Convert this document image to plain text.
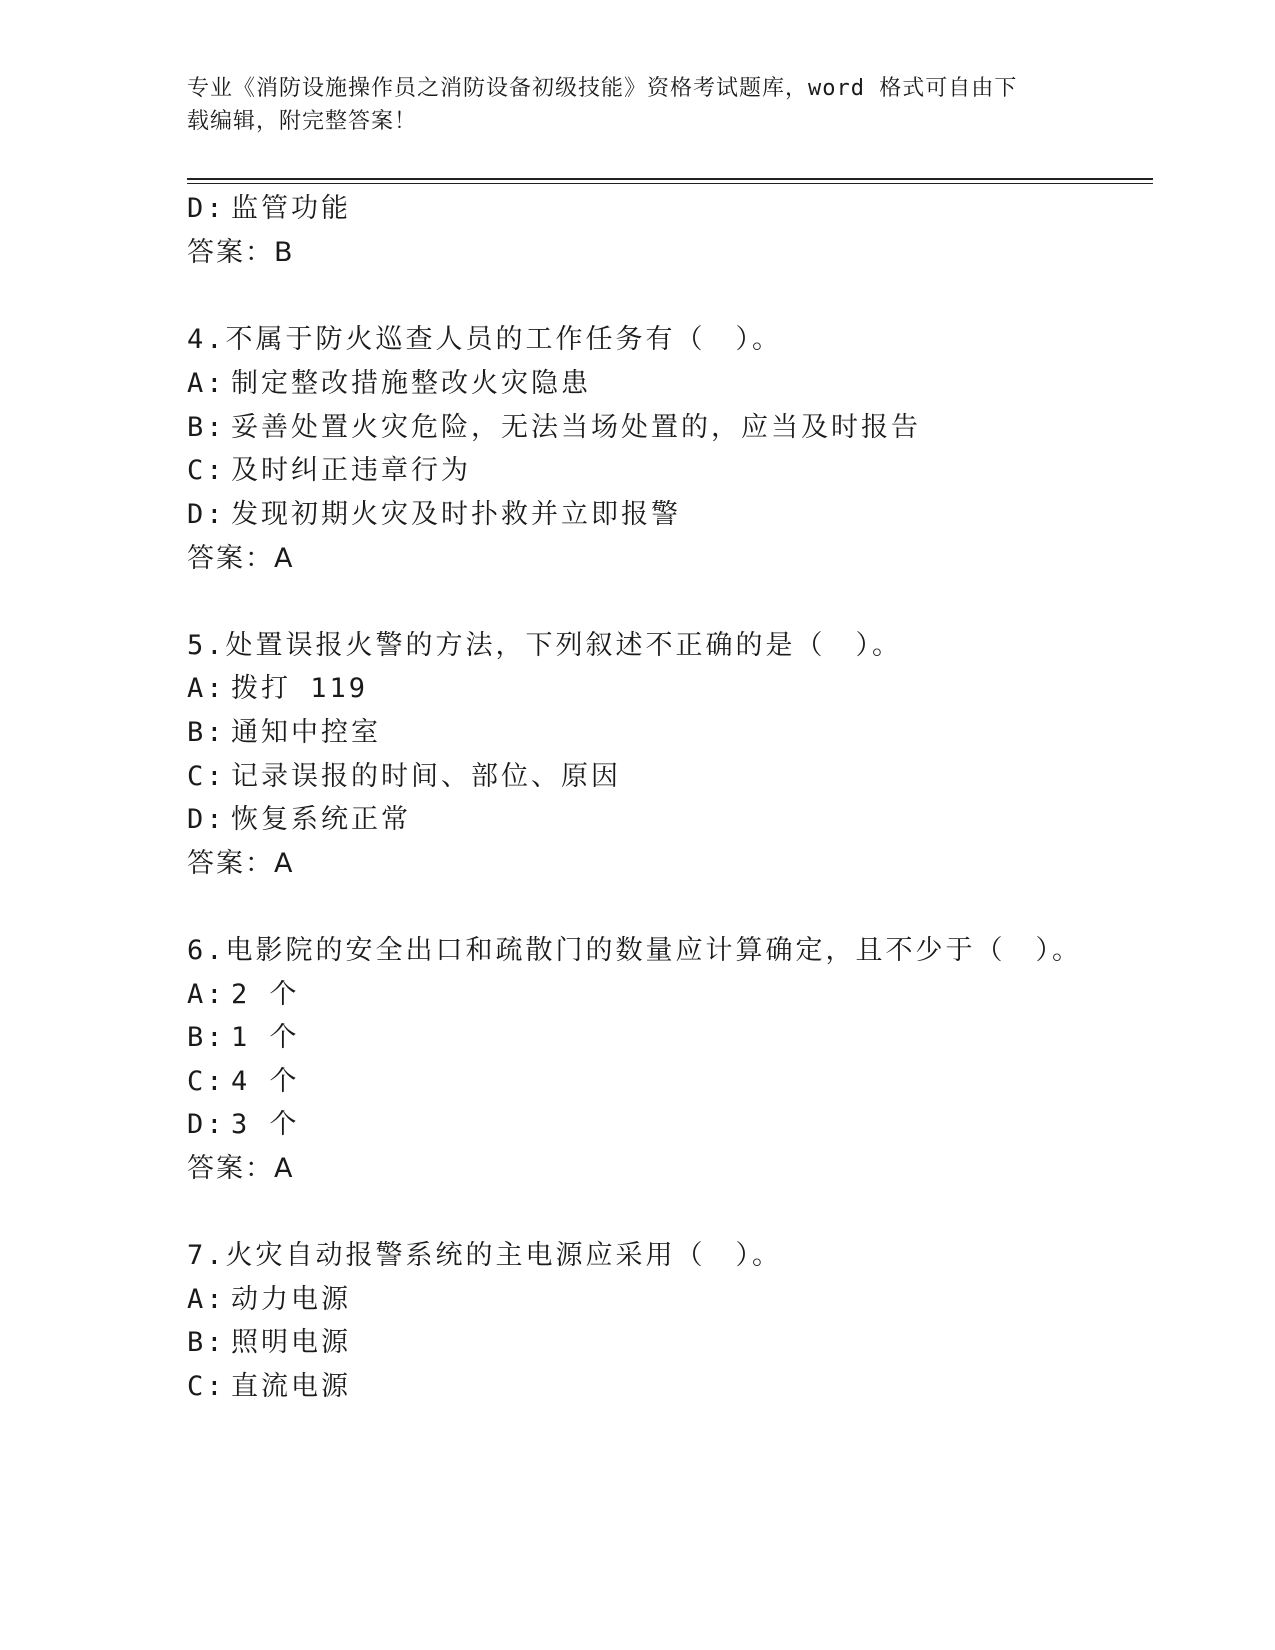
专业《消防设施操作员之消防设备初级技能》资格考试题库，word 格式可自由下
载编辑，附完整答案！
D: 监管功能
答案：B
4.不属于防火巡查人员的工作任务有（　）。
A: 制定整改措施整改火灾隐患
B: 妥善处置火灾危险，无法当场处置的，应当及时报告
C: 及时纠正违章行为
D: 发现初期火灾及时扑救并立即报警
答案：A
5.处置误报火警的方法，下列叙述不正确的是（　）。
A: 拨打 119
B: 通知中控室
C: 记录误报的时间、部位、原因
D: 恢复系统正常
答案：A
6.电影院的安全出口和疏散门的数量应计算确定，且不少于（　）。
A: 2 个
B: 1 个
C: 4 个
D: 3 个
答案：A
7.火灾自动报警系统的主电源应采用（　）。
A: 动力电源
B: 照明电源
C: 直流电源
